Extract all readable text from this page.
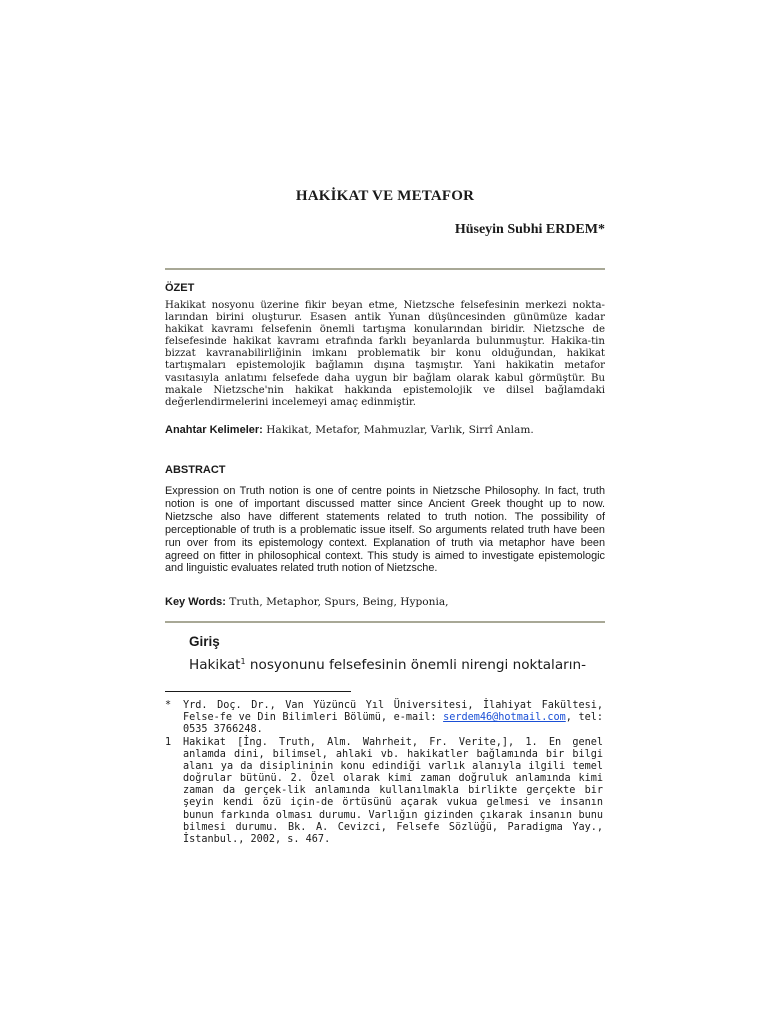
HAKİKAT VE METAFOR
Hüseyin Subhi ERDEM*
ÖZET

Hakikat nosyonu üzerine fikir beyan etme, Nietzsche felsefesinin merkezi nokta-larından birini oluşturur. Esasen antik Yunan düşüncesinden günümüze kadar hakikat kavramı felsefenin önemli tartışma konularından biridir. Nietzsche de felsefesinde hakikat kavramı etrafında farklı beyanlarda bulunmuştur. Hakika-tin bizzat kavranabilirliğinin imkanı problematik bir konu olduğundan, hakikat tartışmaları epistemolojik bağlamın dışına taşmıştır. Yani hakikatin metafor vasıtasıyla anlatımı felsefede daha uygun bir bağlam olarak kabul görmüştür. Bu makale Nietzsche'nin hakikat hakkında epistemolojik ve dilsel bağlamdaki değerlendirmelerini incelemeyi amaç edinmiştir.

Anahtar Kelimeler: Hakikat, Metafor, Mahmuzlar, Varlık, Sirrî Anlam.

ABSTRACT

Expression on Truth notion is one of centre points in Nietzsche Philosophy. In fact, truth notion is one of important discussed matter since Ancient Greek thought up to now. Nietzsche also have different statements related to truth notion. The possibility of perceptionable of truth is a problematic issue itself. So arguments related truth have been run over from its epistemology context. Explanation of truth via metaphor have been agreed on fitter in philosophical context. This study is aimed to investigate epistemologic and linguistic evaluates related truth notion of Nietzsche.

Key Words: Truth, Metaphor, Spurs, Being, Hyponia,

Giriş
Hakikat$^1$ nosyonunu felsefesinin önemli nirengi noktaların-
*	Yrd. Doç. Dr., Van Yüzüncü Yıl Üniversitesi, İlahiyat Fakültesi, Felse-fe ve Din Bilimleri Bölümü, e-mail: serdem46@hotmail.com, tel: 0535 3766248.
1	Hakikat [İng. Truth, Alm. Wahrheit, Fr. Verite,], 1. En genel anlamda dini, bilimsel, ahlaki vb. hakikatler bağlamında bir bilgi alanı ya da disiplininin konu edindiği varlık alanıyla ilgili temel doğrular bütünü. 2. Özel olarak kimi zaman doğruluk anlamında kimi zaman da gerçek-lik anlamında kullanılmakla birlikte gerçekte bir şeyin kendi özü için-de örtüsünü açarak vukua gelmesi ve insanın bunun farkında olması durumu. Varlığın gizinden çıkarak insanın bunu bilmesi durumu. Bk. A. Cevizci, Felsefe Sözlüğü, Paradigma Yay., İstanbul., 2002, s. 467.
